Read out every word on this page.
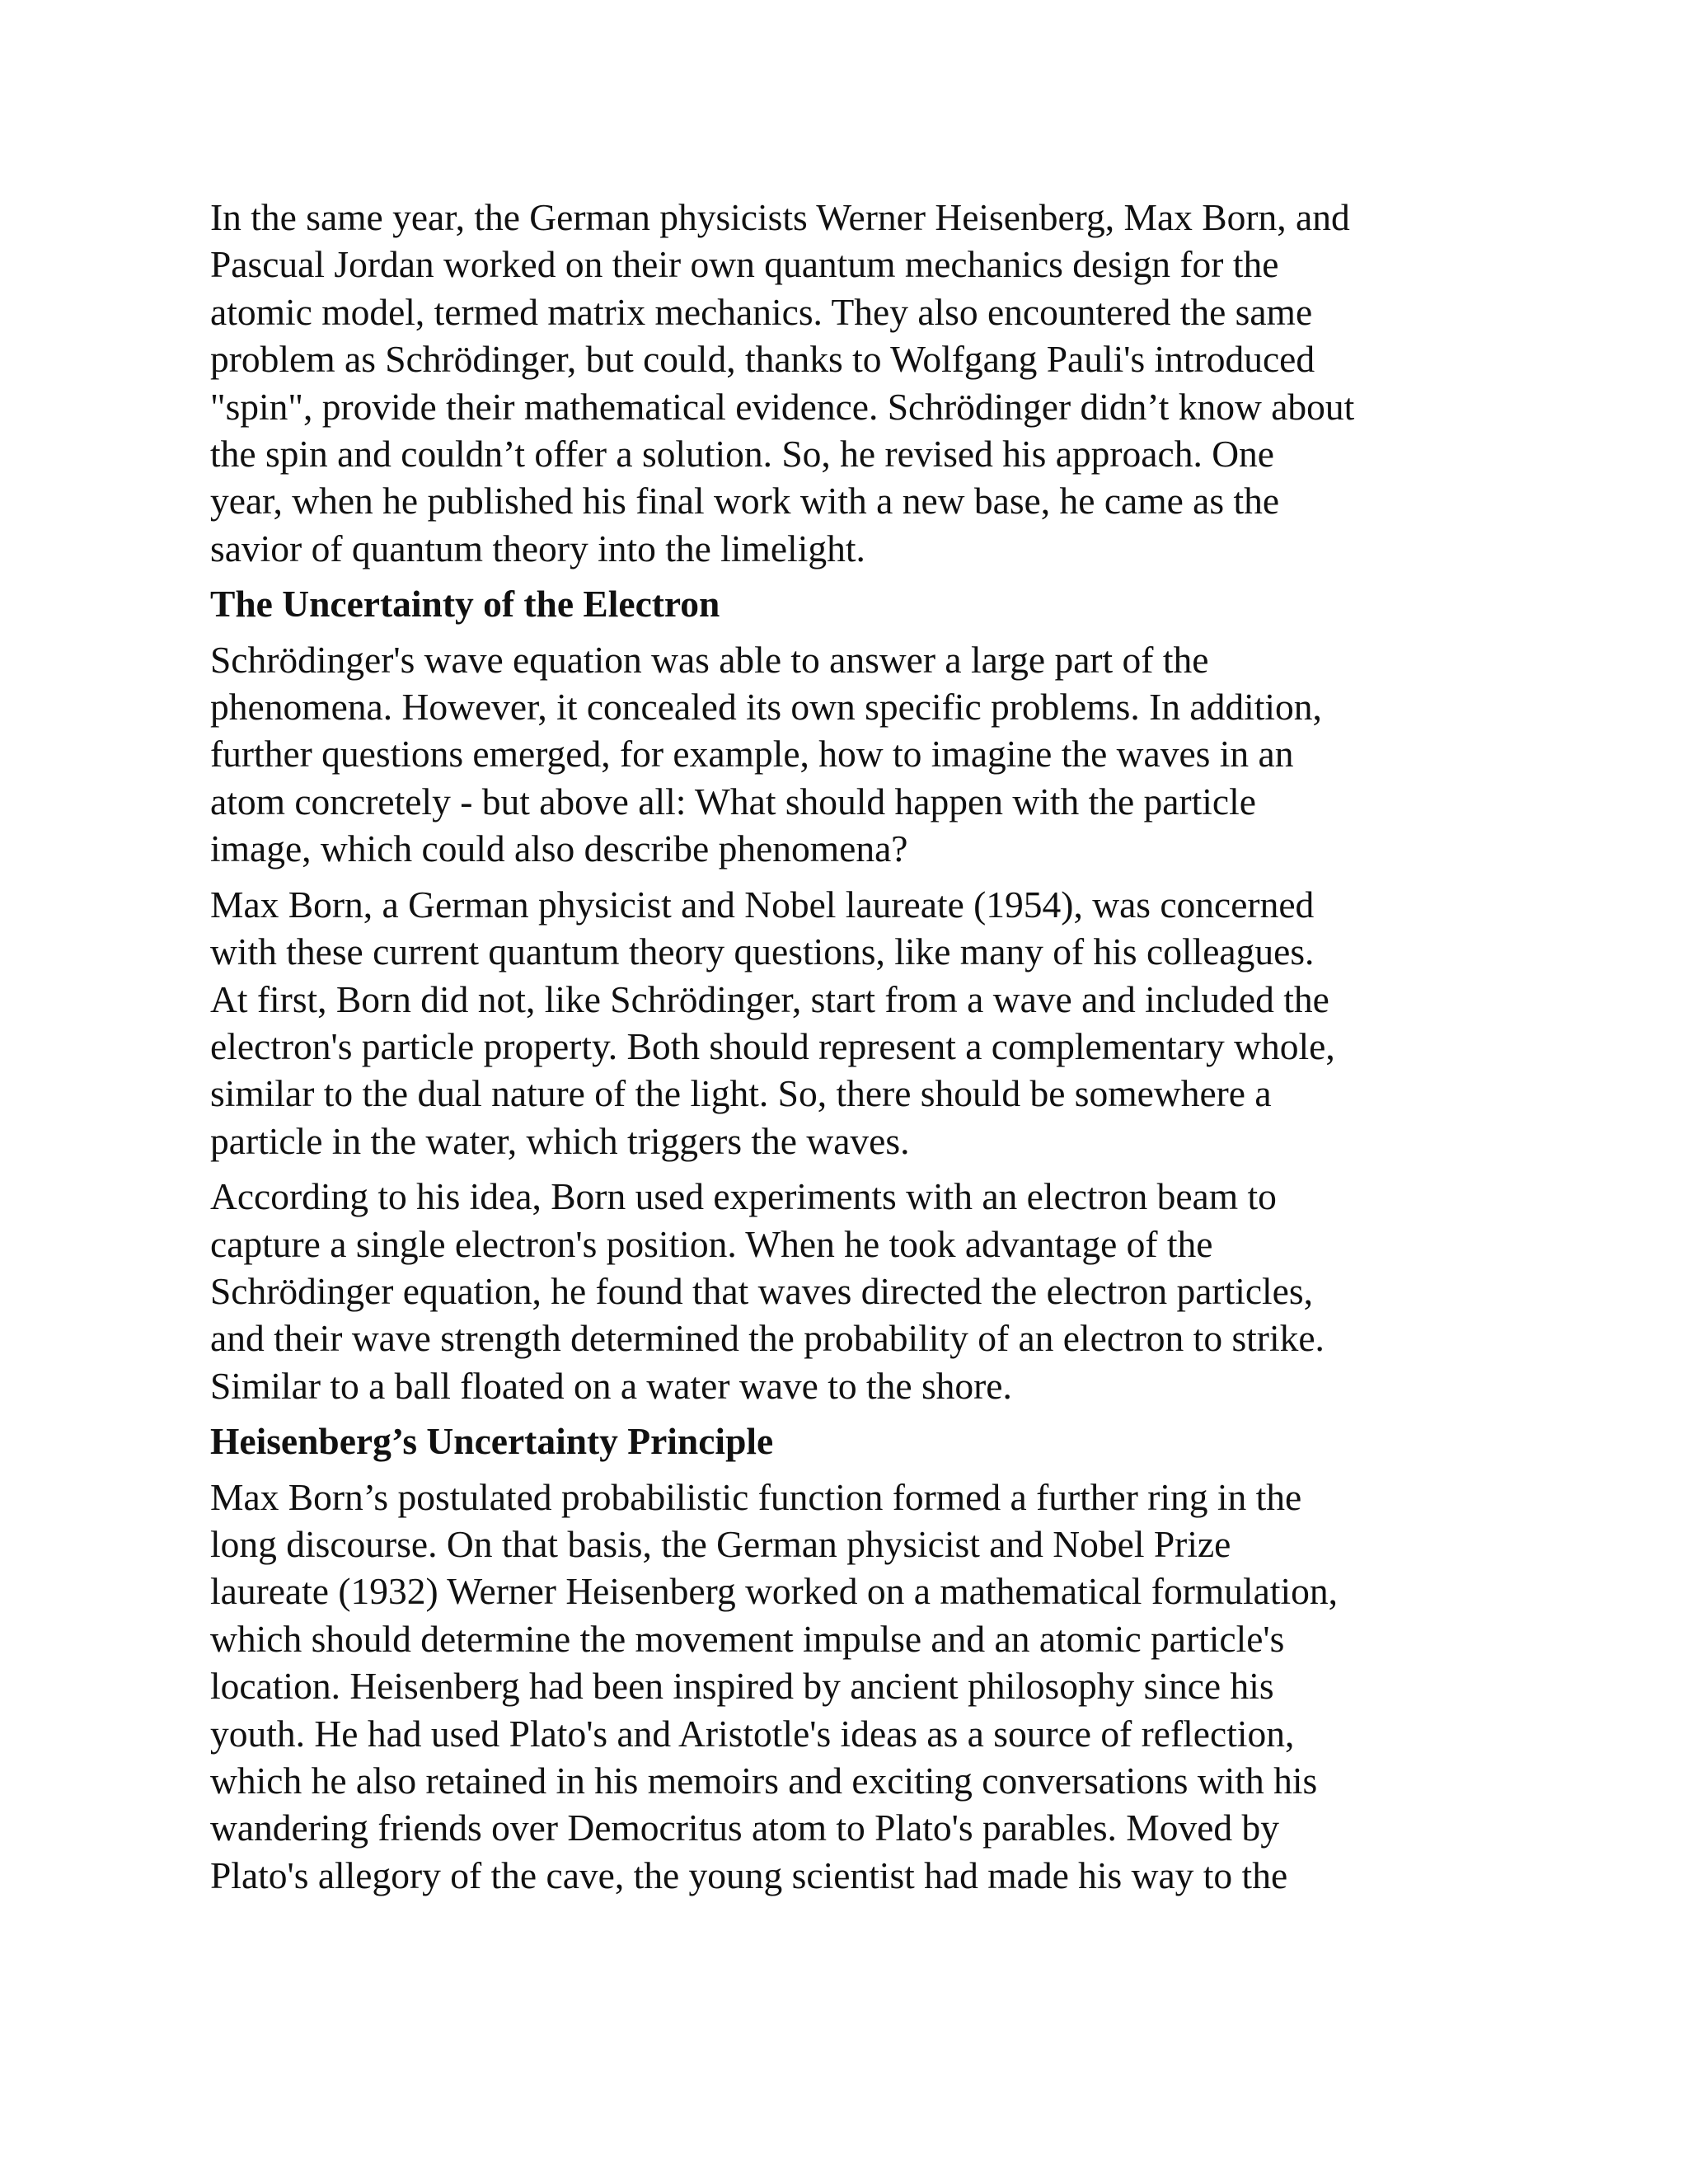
In the same year, the German physicists Werner Heisenberg, Max Born, and
Pascual Jordan worked on their own quantum mechanics design for the
atomic model, termed matrix mechanics. They also encountered the same
problem as Schrödinger, but could, thanks to Wolfgang Pauli's introduced
"spin", provide their mathematical evidence. Schrödinger didn’t know about
the spin and couldn’t offer a solution. So, he revised his approach. One
year, when he published his final work with a new base, he came as the
savior of quantum theory into the limelight.

The Uncertainty of the Electron

Schrödinger's wave equation was able to answer a large part of the
phenomena. However, it concealed its own specific problems. In addition,
further questions emerged, for example, how to imagine the waves in an
atom concretely - but above all: What should happen with the particle
image, which could also describe phenomena?

Max Born, a German physicist and Nobel laureate (1954), was concerned
with these current quantum theory questions, like many of his colleagues.
At first, Born did not, like Schrödinger, start from a wave and included the
electron's particle property. Both should represent a complementary whole,
similar to the dual nature of the light. So, there should be somewhere a
particle in the water, which triggers the waves.

According to his idea, Born used experiments with an electron beam to
capture a single electron's position. When he took advantage of the
Schrödinger equation, he found that waves directed the electron particles,
and their wave strength determined the probability of an electron to strike.
Similar to a ball floated on a water wave to the shore.

Heisenberg’s Uncertainty Principle

Max Born’s postulated probabilistic function formed a further ring in the
long discourse. On that basis, the German physicist and Nobel Prize
laureate (1932) Werner Heisenberg worked on a mathematical formulation,
which should determine the movement impulse and an atomic particle's
location. Heisenberg had been inspired by ancient philosophy since his
youth. He had used Plato's and Aristotle's ideas as a source of reflection,
which he also retained in his memoirs and exciting conversations with his
wandering friends over Democritus atom to Plato's parables. Moved by
Plato's allegory of the cave, the young scientist had made his way to the
